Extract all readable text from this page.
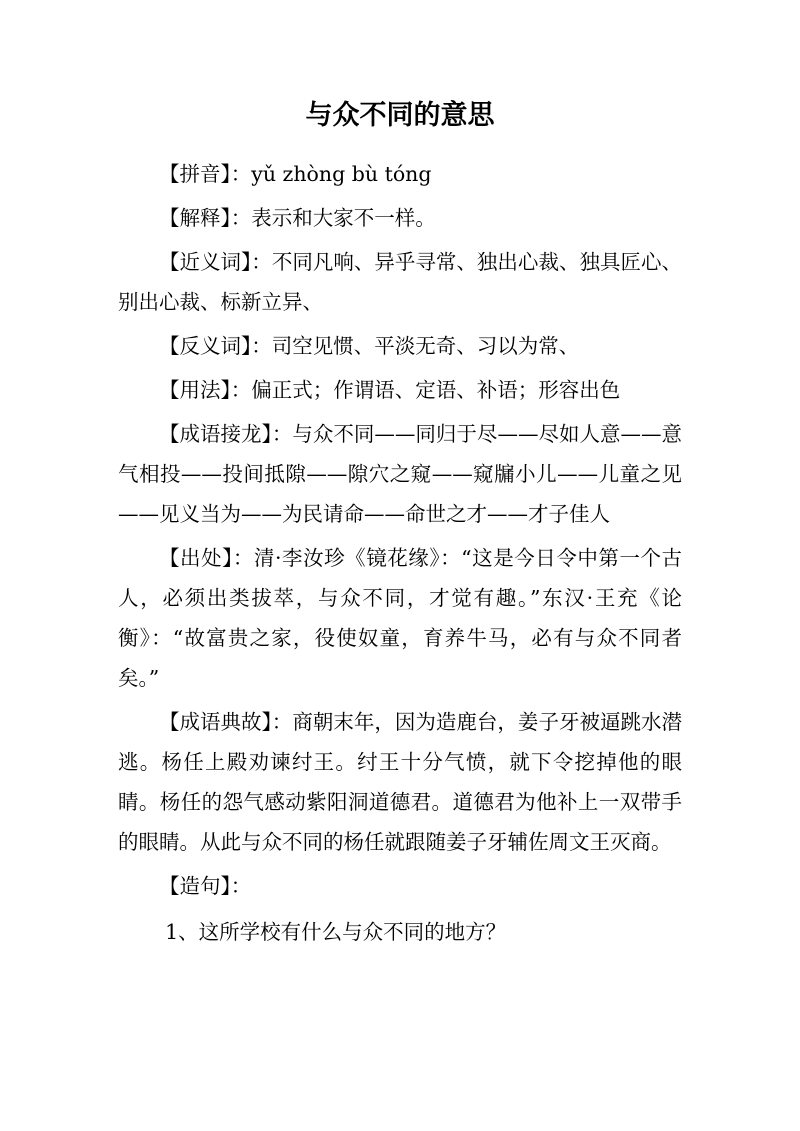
与众不同的意思

【拼音】：yǔ zhòng bù tóng

【解释】：表示和大家不一样。

【近义词】：不同凡响、异乎寻常、独出心裁、独具匠心、别出心裁、标新立异、

【反义词】：司空见惯、平淡无奇、习以为常、

【用法】：偏正式；作谓语、定语、补语；形容出色

【成语接龙】：与众不同——同归于尽——尽如人意——意气相投——投间抵隙——隙穴之窥——窥牖小儿——儿童之见——见义当为——为民请命——命世之才——才子佳人

【出处】：清·李汝珍《镜花缘》：“这是今日令中第一个古人，必须出类拔萃，与众不同，才觉有趣。”东汉·王充《论衡》：“故富贵之家，役使奴童，育养牛马，必有与众不同者矣。”

【成语典故】：商朝末年，因为造鹿台，姜子牙被逼跳水潜逃。杨任上殿劝谏纣王。纣王十分气愤，就下令挖掉他的眼睛。杨任的怨气感动紫阳洞道德君。道德君为他补上一双带手的眼睛。从此与众不同的杨任就跟随姜子牙辅佐周文王灭商。

【造句】：

1、这所学校有什么与众不同的地方？
